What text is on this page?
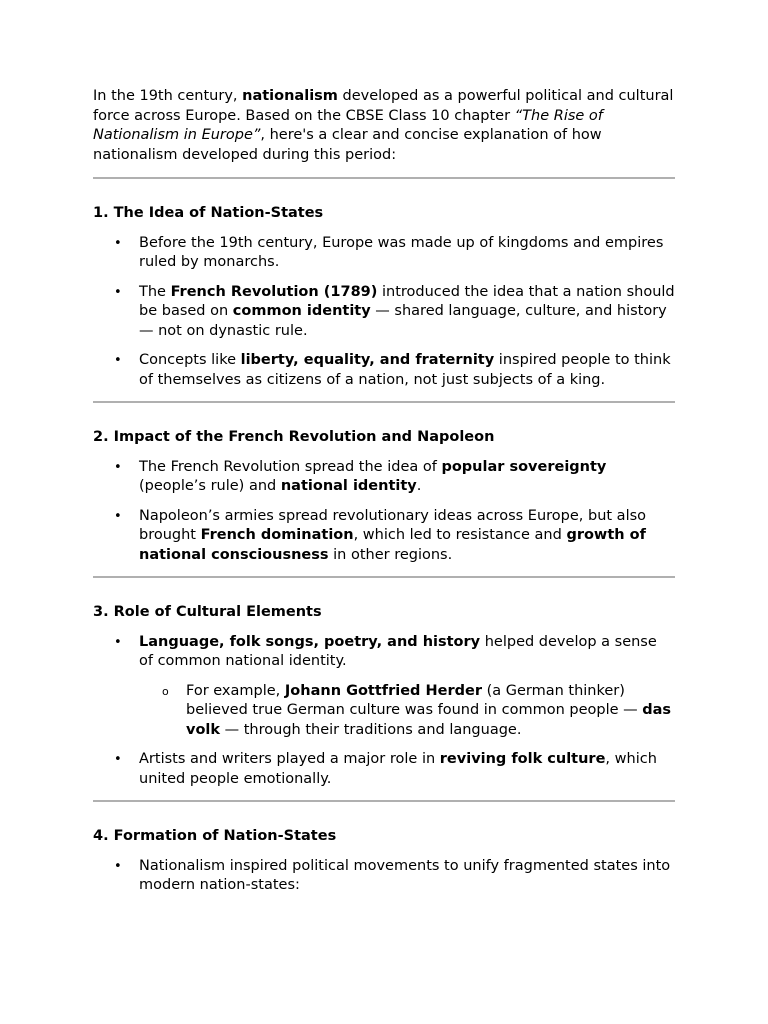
In the 19th century, nationalism developed as a powerful political and cultural force across Europe. Based on the CBSE Class 10 chapter “The Rise of Nationalism in Europe”, here's a clear and concise explanation of how nationalism developed during this period:

1. The Idea of Nation-States
• Before the 19th century, Europe was made up of kingdoms and empires ruled by monarchs.
• The French Revolution (1789) introduced the idea that a nation should be based on common identity — shared language, culture, and history — not on dynastic rule.
• Concepts like liberty, equality, and fraternity inspired people to think of themselves as citizens of a nation, not just subjects of a king.
2. Impact of the French Revolution and Napoleon
• The French Revolution spread the idea of popular sovereignty (people’s rule) and national identity.
• Napoleon’s armies spread revolutionary ideas across Europe, but also brought French domination, which led to resistance and growth of national consciousness in other regions.
3. Role of Cultural Elements
• Language, folk songs, poetry, and history helped develop a sense of common national identity.
o For example, Johann Gottfried Herder (a German thinker) believed true German culture was found in common people — das volk — through their traditions and language.
• Artists and writers played a major role in reviving folk culture, which united people emotionally.
4. Formation of Nation-States
• Nationalism inspired political movements to unify fragmented states into modern nation-states:
